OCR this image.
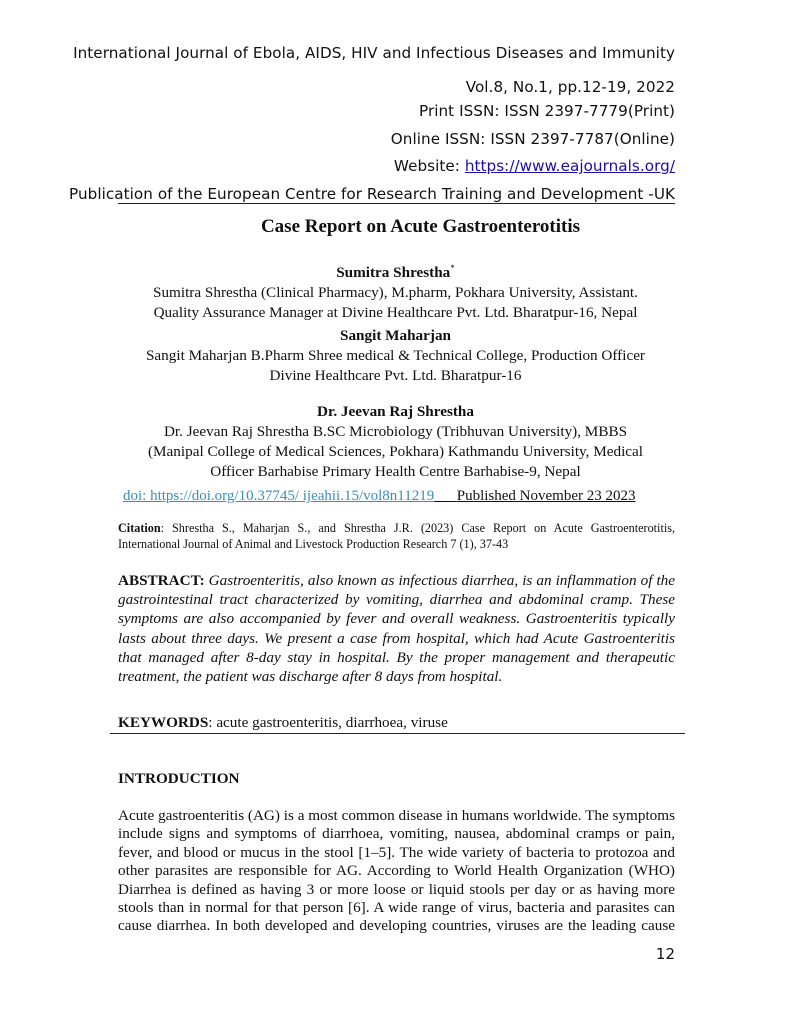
International Journal of Ebola, AIDS, HIV and Infectious Diseases and Immunity
Vol.8, No.1, pp.12-19, 2022
Print ISSN: ISSN 2397-7779(Print)
Online ISSN: ISSN 2397-7787(Online)
Website: https://www.eajournals.org/
Publication of the European Centre for Research Training and Development -UK
Case Report on Acute Gastroenterotitis
Sumitra Shrestha*
Sumitra Shrestha (Clinical Pharmacy), M.pharm, Pokhara University, Assistant.
Quality Assurance Manager at Divine Healthcare Pvt. Ltd. Bharatpur-16, Nepal
Sangit Maharjan
Sangit Maharjan B.Pharm Shree medical & Technical College, Production Officer
Divine Healthcare Pvt. Ltd. Bharatpur-16
Dr. Jeevan Raj Shrestha
Dr. Jeevan Raj Shrestha B.SC Microbiology (Tribhuvan University), MBBS
(Manipal College of Medical Sciences, Pokhara) Kathmandu University, Medical
Officer Barhabise Primary Health Centre Barhabise-9, Nepal
doi: https://doi.org/10.37745/ ijeahii.15/vol8n11219 Published November 23 2023
Citation: Shrestha S., Maharjan S., and Shrestha J.R. (2023) Case Report on Acute Gastroenterotitis, International Journal of Animal and Livestock Production Research 7 (1), 37-43
ABSTRACT: Gastroenteritis, also known as infectious diarrhea, is an inflammation of the gastrointestinal tract characterized by vomiting, diarrhea and abdominal cramp. These symptoms are also accompanied by fever and overall weakness. Gastroenteritis typically lasts about three days. We present a case from hospital, which had Acute Gastroenteritis that managed after 8-day stay in hospital. By the proper management and therapeutic treatment, the patient was discharge after 8 days from hospital.
KEYWORDS: acute gastroenteritis, diarrhoea, viruse
INTRODUCTION
Acute gastroenteritis (AG) is a most common disease in humans worldwide. The symptoms include signs and symptoms of diarrhoea, vomiting, nausea, abdominal cramps or pain, fever, and blood or mucus in the stool [1–5]. The wide variety of bacteria to protozoa and other parasites are responsible for AG. According to World Health Organization (WHO) Diarrhea is defined as having 3 or more loose or liquid stools per day or as having more stools than in normal for that person [6]. A wide range of virus, bacteria and parasites can cause diarrhea. In both developed and developing countries, viruses are the leading cause
12
